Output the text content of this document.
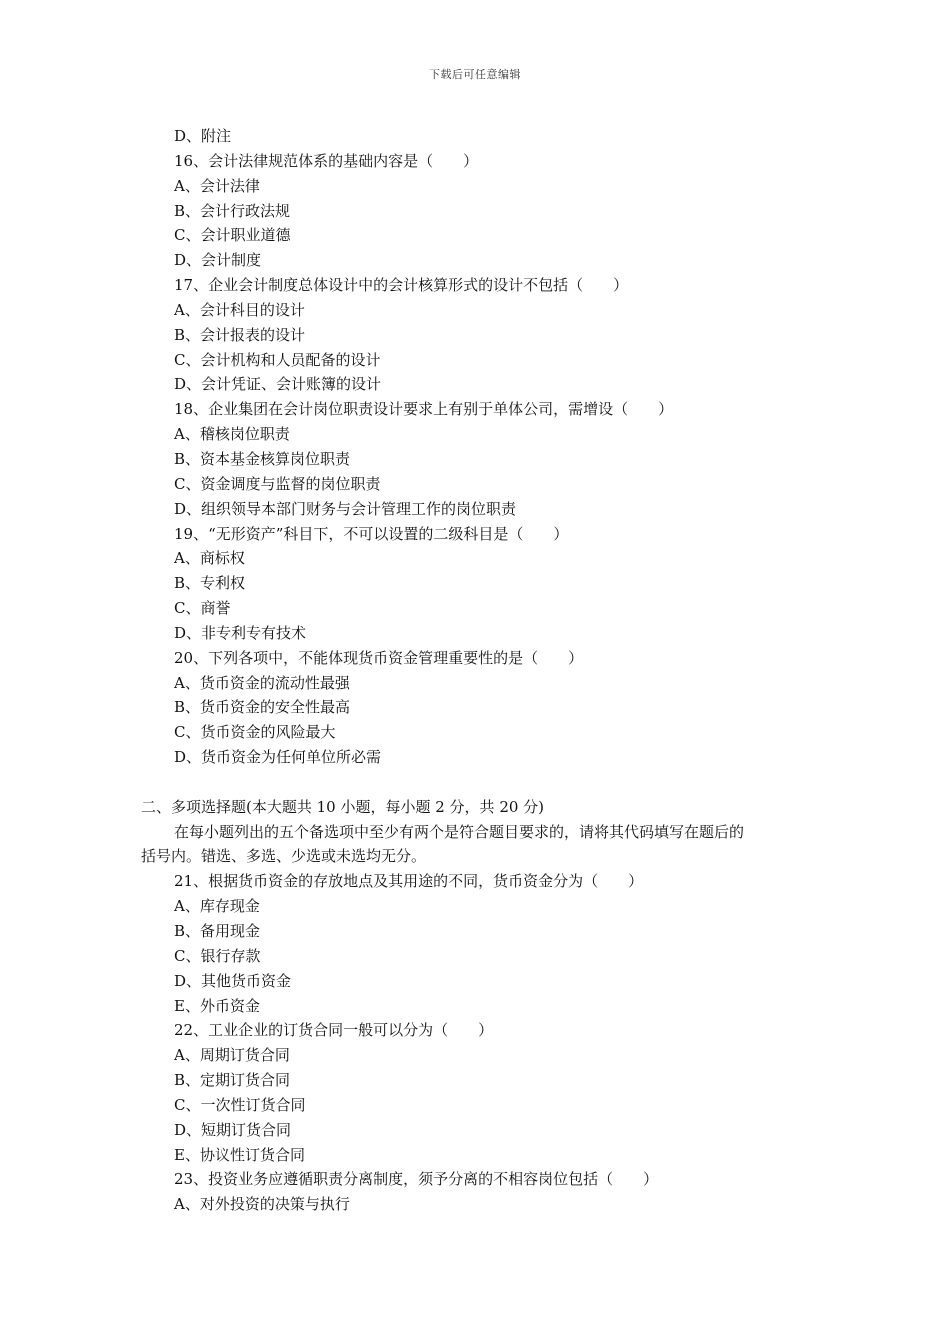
下载后可任意编辑
D、附注
16、会计法律规范体系的基础内容是（　　）
A、会计法律
B、会计行政法规
C、会计职业道德
D、会计制度
17、企业会计制度总体设计中的会计核算形式的设计不包括（　　）
A、会计科目的设计
B、会计报表的设计
C、会计机构和人员配备的设计
D、会计凭证、会计账簿的设计
18、企业集团在会计岗位职责设计要求上有别于单体公司，需增设（　　）
A、稽核岗位职责
B、资本基金核算岗位职责
C、资金调度与监督的岗位职责
D、组织领导本部门财务与会计管理工作的岗位职责
19、“无形资产”科目下，不可以设置的二级科目是（　　）
A、商标权
B、专利权
C、商誉
D、非专利专有技术
20、下列各项中，不能体现货币资金管理重要性的是（　　）
A、货币资金的流动性最强
B、货币资金的安全性最高
C、货币资金的风险最大
D、货币资金为任何单位所必需
二、多项选择题(本大题共 10 小题，每小题 2 分，共 20 分)
在每小题列出的五个备选项中至少有两个是符合题目要求的，请将其代码填写在题后的
括号内。错选、多选、少选或未选均无分。
21、根据货币资金的存放地点及其用途的不同，货币资金分为（　　）
A、库存现金
B、备用现金
C、银行存款
D、其他货币资金
E、外币资金
22、工业企业的订货合同一般可以分为（　　）
A、周期订货合同
B、定期订货合同
C、一次性订货合同
D、短期订货合同
E、协议性订货合同
23、投资业务应遵循职责分离制度，须予分离的不相容岗位包括（　　）
A、对外投资的决策与执行
